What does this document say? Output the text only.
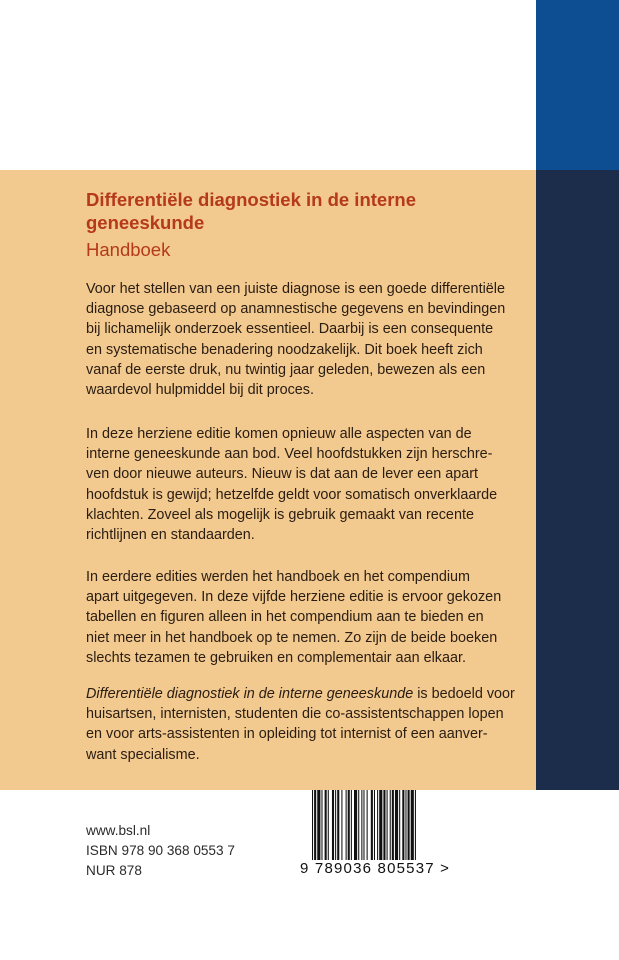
Differentiële diagnostiek in de interne
geneeskunde
Handboek
Voor het stellen van een juiste diagnose is een goede differentiële
diagnose gebaseerd op anamnestische gegevens en bevindingen
bij lichamelijk onderzoek essentieel. Daarbij is een consequente
en systematische benadering noodzakelijk. Dit boek heeft zich
vanaf de eerste druk, nu twintig jaar geleden, bewezen als een
waardevol hulpmiddel bij dit proces.
In deze herziene editie komen opnieuw alle aspecten van de
interne geneeskunde aan bod. Veel hoofdstukken zijn herschre-
ven door nieuwe auteurs. Nieuw is dat aan de lever een apart
hoofdstuk is gewijd; hetzelfde geldt voor somatisch onverklaarde
klachten. Zoveel als mogelijk is gebruik gemaakt van recente
richtlijnen en standaarden.
In eerdere edities werden het handboek en het compendium
apart uitgegeven. In deze vijfde herziene editie is ervoor gekozen
tabellen en figuren alleen in het compendium aan te bieden en
niet meer in het handboek op te nemen. Zo zijn de beide boeken
slechts tezamen te gebruiken en complementair aan elkaar.
Differentiële diagnostiek in de interne geneeskunde is bedoeld voor
huisartsen, internisten, studenten die co-assistentschappen lopen
en voor arts-assistenten in opleiding tot internist of een aanver-
want specialisme.
www.bsl.nl
ISBN 978 90 368 0553 7
NUR 878	9 789036 805537 >
